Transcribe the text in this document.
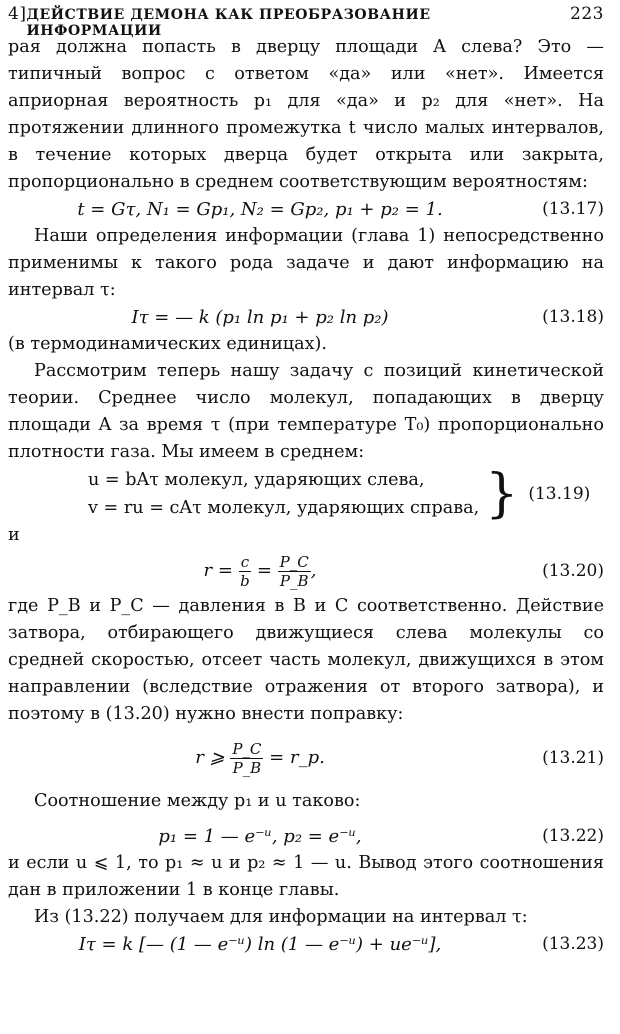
4] ДЕЙСТВИЕ ДЕМОНА КАК ПРЕОБРАЗОВАНИЕ ИНФОРМАЦИИ
223

рая должна попасть в дверцу площади A слева? Это — типичный вопрос с ответом «да» или «нет». Имеется априорная вероятность p₁ для «да» и p₂ для «нет». На протяжении длинного промежутка t число малых интервалов, в течение которых дверца будет открыта или закрыта, пропорционально в среднем соответствующим вероятностям:

t = Gτ, N₁ = Gp₁, N₂ = Gp₂, p₁ + p₂ = 1.	(13.17)

Наши определения информации (глава 1) непосредственно применимы к такого рода задаче и дают информацию на интервал τ:

Iτ = — k (p₁ ln p₁ + p₂ ln p₂)	(13.18)

(в термодинамических единицах).

Рассмотрим теперь нашу задачу с позиций кинетической теории. Среднее число молекул, попадающих в дверцу площади A за время τ (при температуре T₀) пропорционально плотности газа. Мы имеем в среднем:

u = bAτ молекул, ударяющих слева,
v = ru = cAτ молекул, ударяющих справа, } (13.19)

и

$r = \frac{c}{b} = \frac{P\_C}{P\_B}$ ,	(13.20)

где P_B и P_C — давления в B и C соответственно. Действие затвора, отбирающего движущиеся слева молекулы со средней скоростью, отсеет часть молекул, движущихся в этом направлении (вследствие отражения от второго затвора), и поэтому в (13.20) нужно внести поправку:

r ⩾ $\frac{P\_C}{P\_B}$ = r_p.	(13.21)

Соотношение между p₁ и u таково:

p₁ = 1 — e⁻ᵘ, p₂ = e⁻ᵘ,	(13.22)

и если u ⩽ 1, то p₁ ≈ u и p₂ ≈ 1 — u. Вывод этого соотношения дан в приложении 1 в конце главы.

Из (13.22) получаем для информации на интервал τ:

Iτ = k [— (1 — e⁻ᵘ) ln (1 — e⁻ᵘ) + ue⁻ᵘ],	(13.23)
